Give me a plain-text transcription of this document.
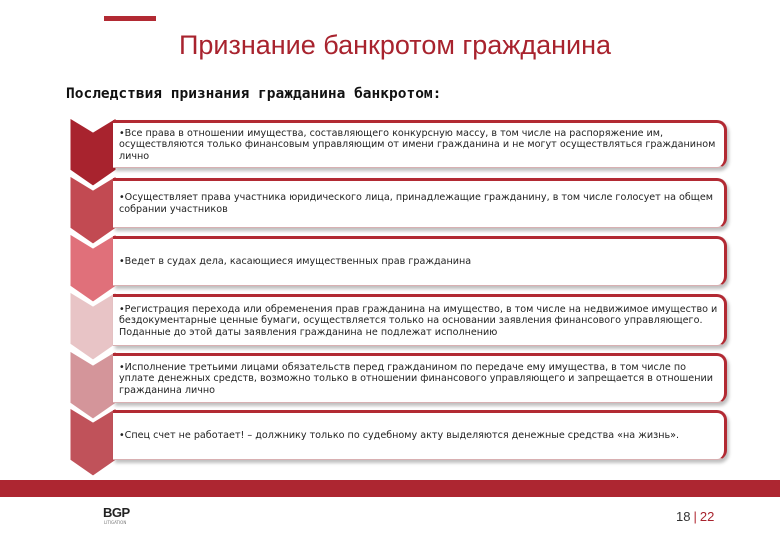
Признание банкротом гражданина
Последствия признания гражданина банкротом:
•Все права в отношении имущества, составляющего конкурсную массу, в том числе на распоряжение им, осуществляются только финансовым управляющим от имени гражданина и не могут осуществляться гражданином лично
•Осуществляет права участника юридического лица, принадлежащие гражданину, в том числе голосует на общем собрании участников
•Ведет в судах дела, касающиеся имущественных прав гражданина
•Регистрация перехода или обременения прав гражданина на имущество, в том числе на недвижимое имущество и бездокументарные ценные бумаги, осуществляется только на основании заявления финансового управляющего. Поданные до этой даты заявления гражданина не подлежат исполнению
•Исполнение третьими лицами обязательств перед гражданином по передаче ему имущества, в том числе по уплате денежных средств, возможно только в отношении финансового управляющего и запрещается в отношении гражданина лично
•Спец счет не работает! – должнику только по судебному акту выделяются денежные средства «на жизнь».
BGP
LITIGATION	18 | 22
